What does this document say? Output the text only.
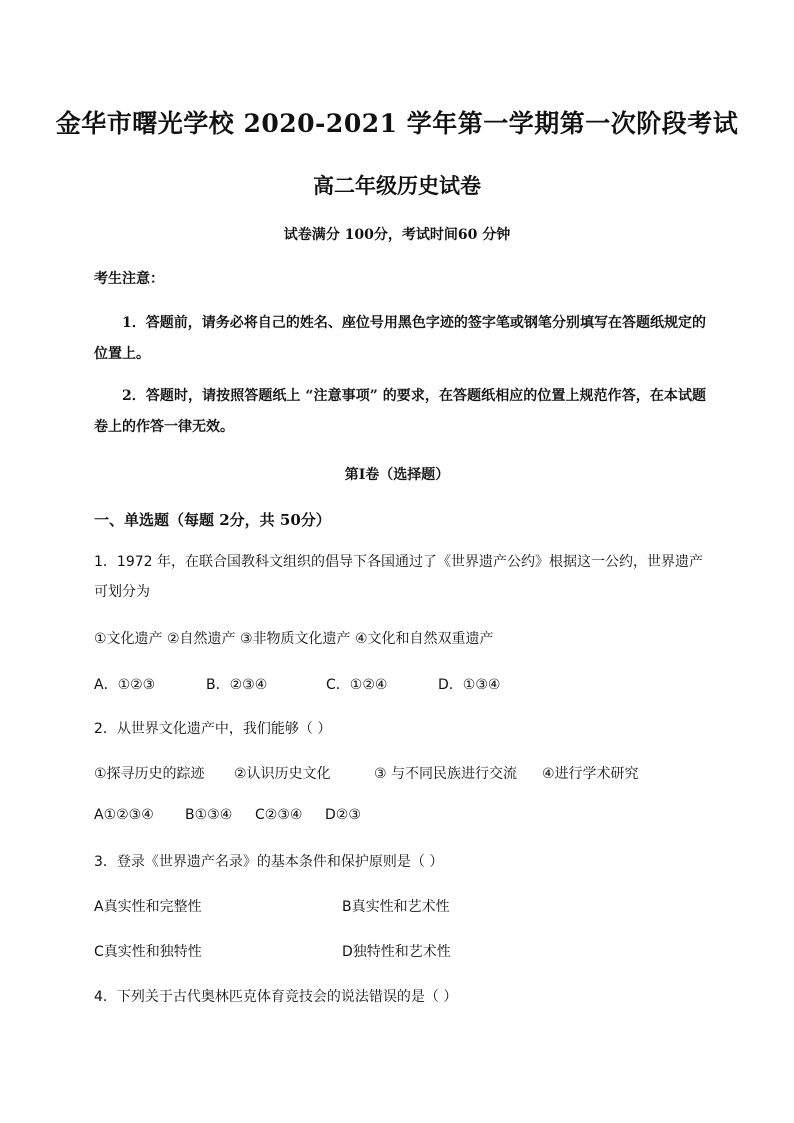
金华市曙光学校 2020-2021 学年第一学期第一次阶段考试
高二年级历史试卷
试卷满分 100分，考试时间60 分钟
考生注意：
1．答题前，请务必将自己的姓名、座位号用黑色字迹的签字笔或钢笔分别填写在答题纸规定的位置上。
2．答题时，请按照答题纸上 “注意事项” 的要求，在答题纸相应的位置上规范作答，在本试题卷上的作答一律无效。
第Ⅰ卷（选择题）
一、单选题（每题 2分，共 50分）
1．1972 年，在联合国教科文组织的倡导下各国通过了《世界遗产公约》根据这一公约，世界遗产可划分为
①文化遗产 ②自然遗产 ③非物质文化遗产 ④文化和自然双重遗产
A．①②③	B．②③④	C．①②④	D．①③④
2．从世界文化遗产中，我们能够（ ）
①探寻历史的踪迹 ②认识历史文化	③ 与不同民族进行交流 ④进行学术研究
A①②③④ B①③④ C②③④ D②③
3．登录《世界遗产名录》的基本条件和保护原则是（ ）
A真实性和完整性	B真实性和艺术性
C真实性和独特性	D独特性和艺术性
4．下列关于古代奥林匹克体育竞技会的说法错误的是（ ）
